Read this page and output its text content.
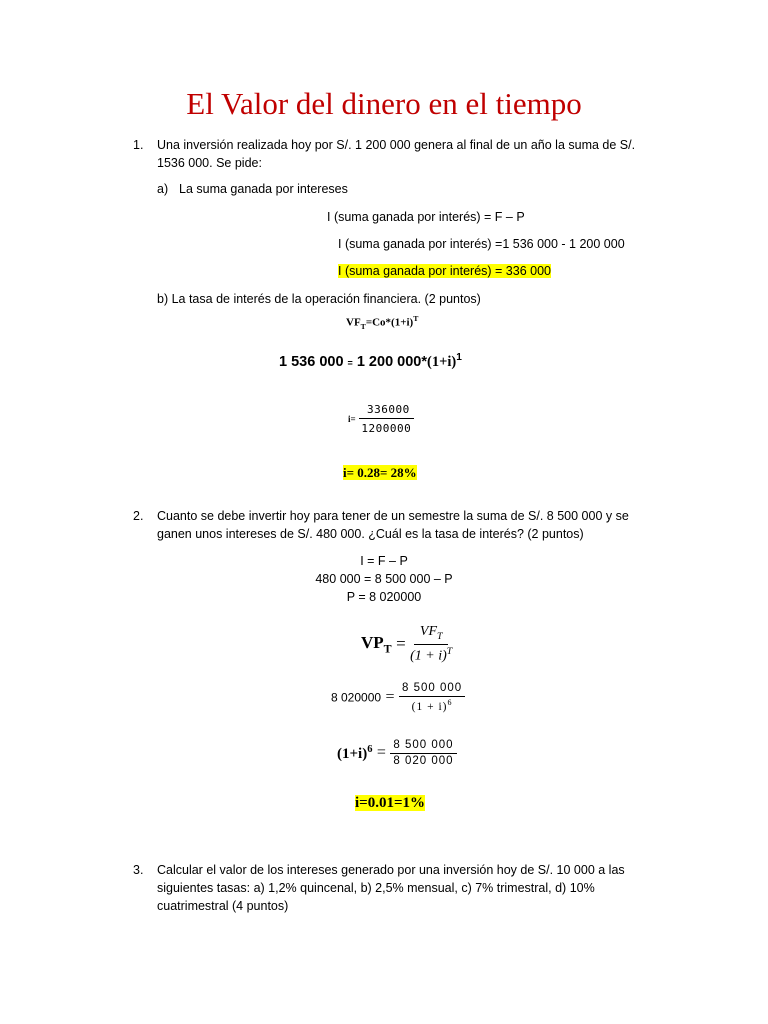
El Valor del dinero en el tiempo
1. Una inversión realizada hoy por S/. 1 200 000 genera al final de un año la suma de S/.
1536 000. Se pide:
a) La suma ganada por intereses
I (suma ganada por interés) = F – P
I (suma ganada por interés) =1 536 000 - 1 200 000
I (suma ganada por interés) = 336 000
b) La tasa de interés de la operación financiera. (2 puntos)
$VF_T=Co*(1+i)^T$
1 536 000 = 1 200 $000*(1+i)^1$
$i= \frac{336000}{1200000}$
i= 0.28= 28%
2. Cuanto se debe invertir hoy para tener de un semestre la suma de S/. 8 500 000 y se
ganen unos intereses de S/. 480 000. ¿Cuál es la tasa de interés? (2 puntos)
I = F – P
480 000 = 8 500 000 – P
P = 8 020000
$VP_T = \frac{VF_T}{(1 + i)^T}$
8 $020000 = \frac{8 500 000}{(1 + i)^6}$
$(1+i)^6 = \frac{8 500 000}{8 020 000}$
i=0.01=1%
3. Calcular el valor de los intereses generado por una inversión hoy de S/. 10 000 a las
siguientes tasas: a) 1,2% quincenal, b) 2,5% mensual, c) 7% trimestral, d) 10%
cuatrimestral (4 puntos)
